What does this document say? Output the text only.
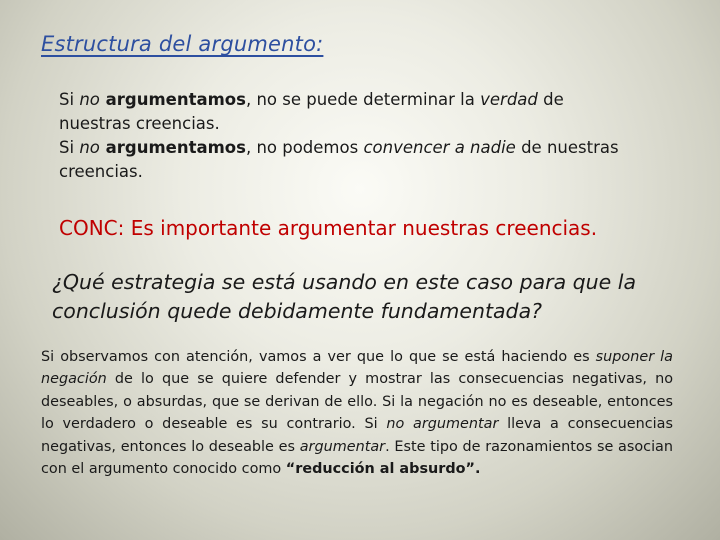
Estructura del argumento:

Si no argumentamos, no se puede determinar la verdad de nuestras creencias.

Si no argumentamos, no podemos convencer a nadie de nuestras creencias.

CONC: Es importante argumentar nuestras creencias.
¿Qué estrategia se está usando en este caso para que la conclusión quede debidamente fundamentada?
Si observamos con atención, vamos a ver que lo que se está haciendo es suponer la negación de lo que se quiere defender y mostrar las consecuencias negativas, no deseables, o absurdas, que se derivan de ello. Si la negación no es deseable, entonces lo verdadero o deseable es su contrario. Si no argumentar lleva a consecuencias negativas, entonces lo deseable es argumentar. Este tipo de razonamientos se asocian con el argumento conocido como “reducción al absurdo”.
